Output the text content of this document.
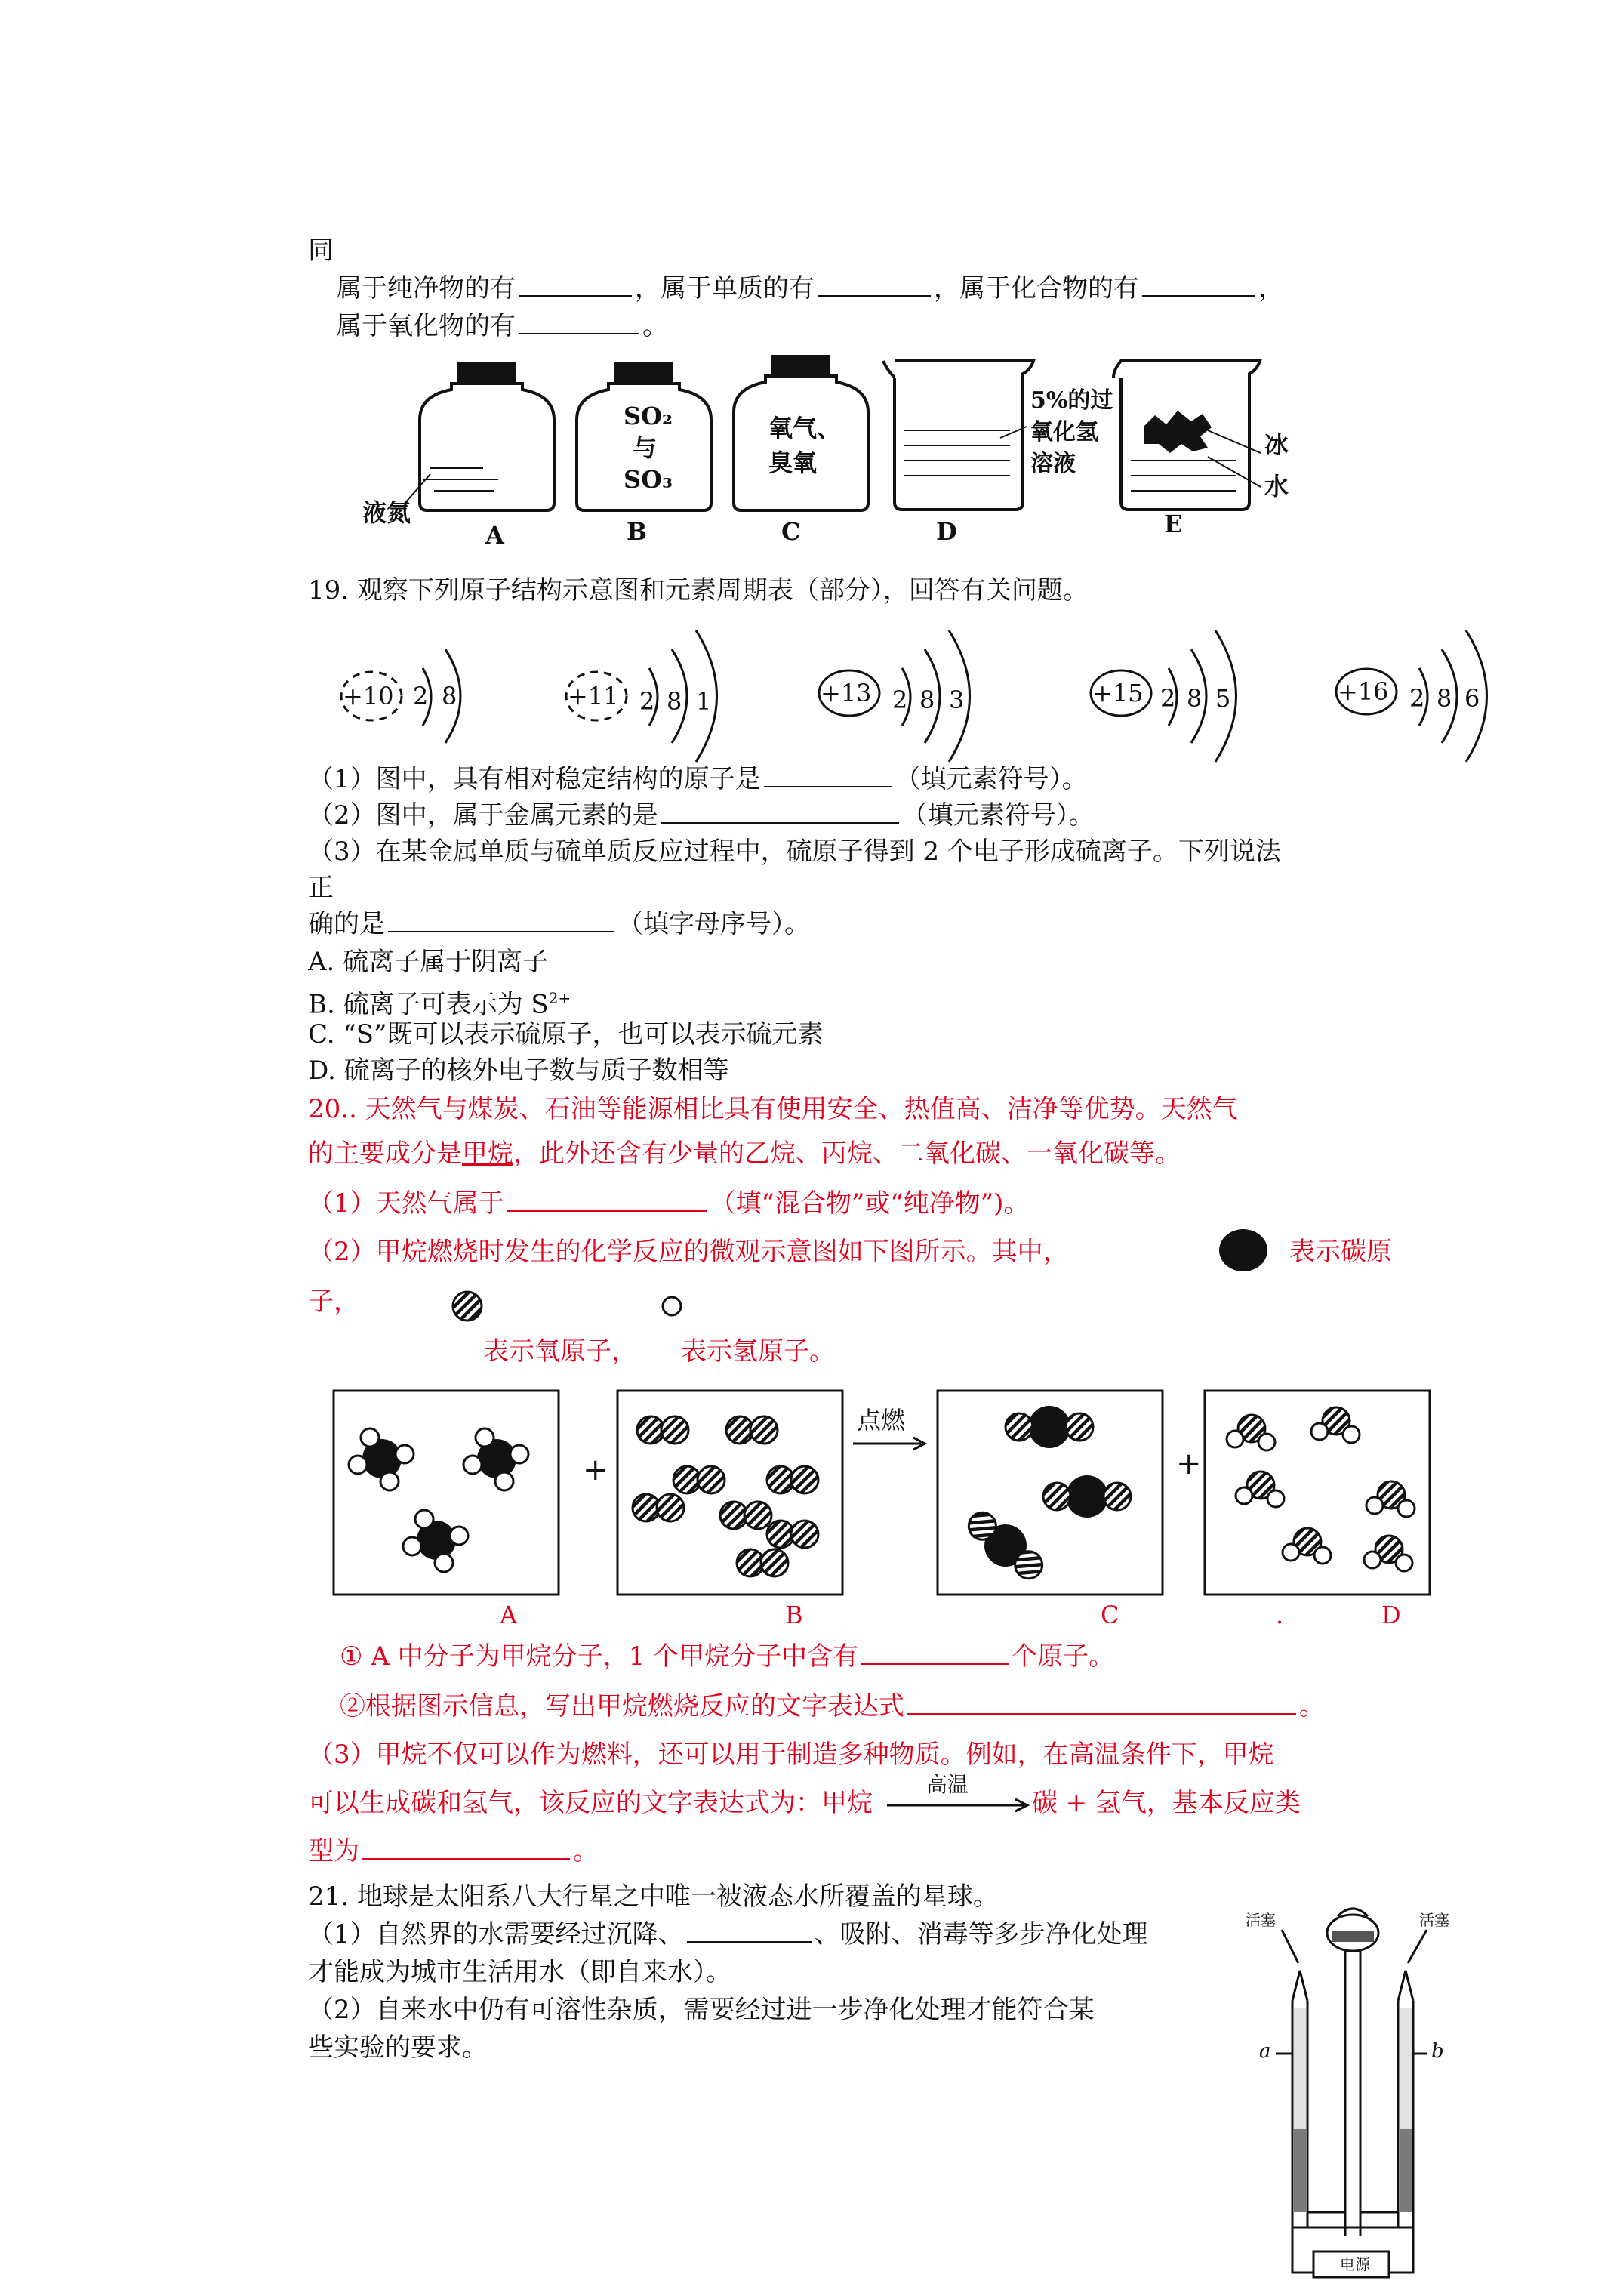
同
属于纯净物的有	，属于单质的有	，属于化合物的有	，
属于氧化物的有	。
液氮
SO₂
与
SO₃
氧气、
臭氧
5%的过
氧化氢
溶液
冰
水
A	B	C	D	E
19. 观察下列原子结构示意图和元素周期表（部分），回答有关问题。
+10 2 8	+11 2 8 1	+13 2 8 3	+15 2 8 5	+16 2 8 6
（1）图中，具有相对稳定结构的原子是	（填元素符号）。
（2）图中，属于金属元素的是	（填元素符号）。
（3）在某金属单质与硫单质反应过程中，硫原子得到 2 个电子形成硫离子。下列说法
正
确的是	（填字母序号）。
A. 硫离子属于阴离子
B. 硫离子可表示为 $S^{2+}$
C. “S”既可以表示硫原子，也可以表示硫元素
D. 硫离子的核外电子数与质子数相等
20.. 天然气与煤炭、石油等能源相比具有使用安全、热值高、洁净等优势。天然气
的主要成分是甲烷，此外还含有少量的乙烷、丙烷、二氧化碳、一氧化碳等。
（1）天然气属于	（填“混合物”或“纯净物”)。
（2）甲烷燃烧时发生的化学反应的微观示意图如下图所示。其中，	表示碳原
子，
表示氧原子， 表示氢原子。
+
点燃
+
A	B	C	.	D
① A 中分子为甲烷分子，1 个甲烷分子中含有	个原子。
②根据图示信息，写出甲烷燃烧反应的文字表达式	。
（3）甲烷不仅可以作为燃料，还可以用于制造多种物质。例如，在高温条件下，甲烷
可以生成碳和氢气，该反应的文字表达式为：甲烷
高温
碳 + 氢气，基本反应类
型为	。
21. 地球是太阳系八大行星之中唯一被液态水所覆盖的星球。
（1）自然界的水需要经过沉降、	、吸附、消毒等多步净化处理
才能成为城市生活用水（即自来水）。
（2）自来水中仍有可溶性杂质，需要经过进一步净化处理才能符合某
些实验的要求。
活塞	活塞
电源
a	b
